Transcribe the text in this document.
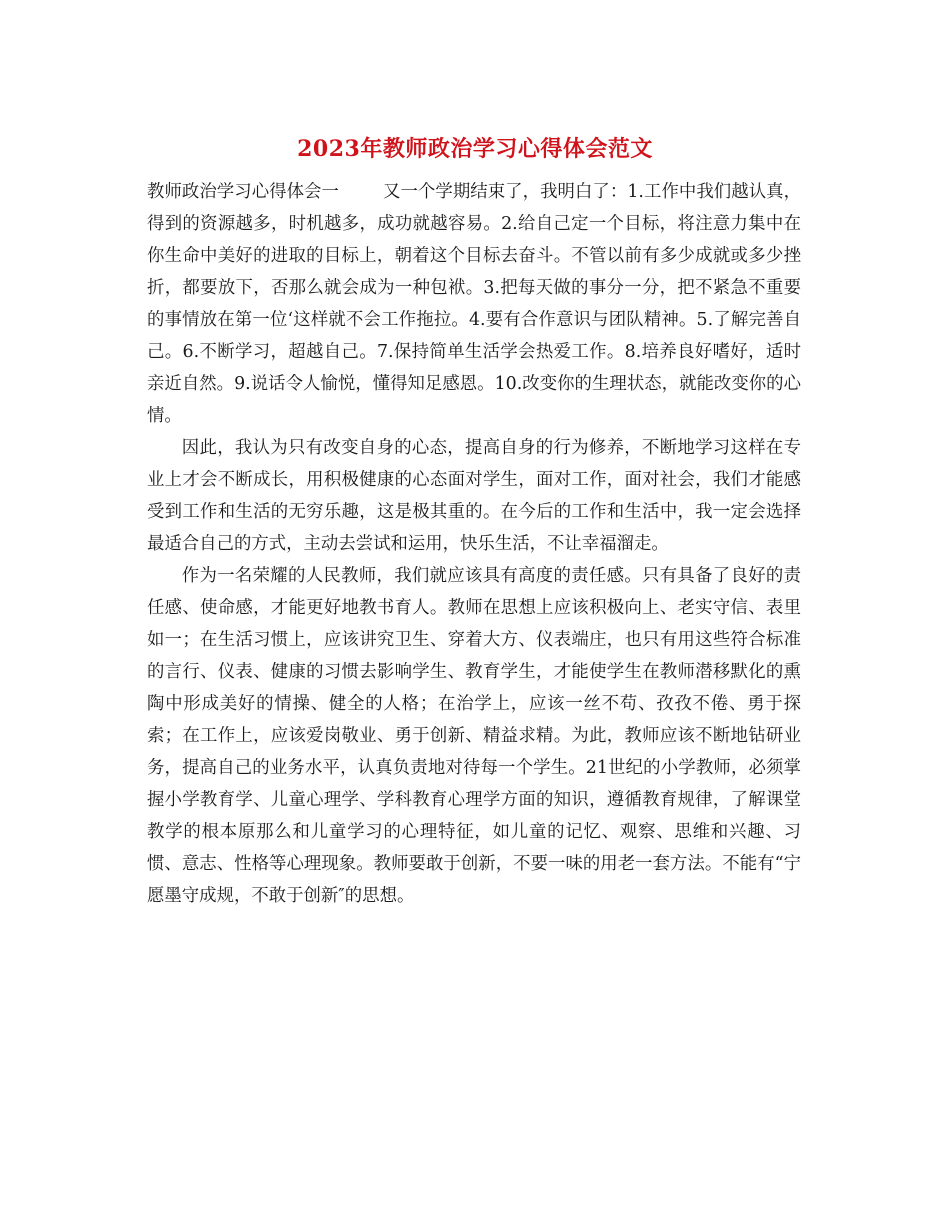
2023年教师政治学习心得体会范文

教师政治学习心得体会一	又一个学期结束了，我明白了：1.工作中我们越认真，得到的资源越多，时机越多，成功就越容易。2.给自己定一个目标，将注意力集中在你生命中美好的进取的目标上，朝着这个目标去奋斗。不管以前有多少成就或多少挫折，都要放下，否那么就会成为一种包袱。3.把每天做的事分一分，把不紧急不重要的事情放在第一位‘这样就不会工作拖拉。4.要有合作意识与团队精神。5.了解完善自己。6.不断学习，超越自己。7.保持简单生活学会热爱工作。8.培养良好嗜好，适时亲近自然。9.说话令人愉悦，懂得知足感恩。10.改变你的生理状态，就能改变你的心情。

因此，我认为只有改变自身的心态，提高自身的行为修养，不断地学习这样在专业上才会不断成长，用积极健康的心态面对学生，面对工作，面对社会，我们才能感受到工作和生活的无穷乐趣，这是极其重的。在今后的工作和生活中，我一定会选择最适合自己的方式，主动去尝试和运用，快乐生活，不让幸福溜走。

作为一名荣耀的人民教师，我们就应该具有高度的责任感。只有具备了良好的责任感、使命感，才能更好地教书育人。教师在思想上应该积极向上、老实守信、表里如一；在生活习惯上，应该讲究卫生、穿着大方、仪表端庄，也只有用这些符合标准的言行、仪表、健康的习惯去影响学生、教育学生，才能使学生在教师潜移默化的熏陶中形成美好的情操、健全的人格；在治学上，应该一丝不苟、孜孜不倦、勇于探索；在工作上，应该爱岗敬业、勇于创新、精益求精。为此，教师应该不断地钻研业务，提高自己的业务水平，认真负责地对待每一个学生。21世纪的小学教师，必须掌握小学教育学、儿童心理学、学科教育心理学方面的知识，遵循教育规律，了解课堂教学的根本原那么和儿童学习的心理特征，如儿童的记忆、观察、思维和兴趣、习惯、意志、性格等心理现象。教师要敢于创新，不要一味的用老一套方法。不能有“宁愿墨守成规，不敢于创新″的思想。
